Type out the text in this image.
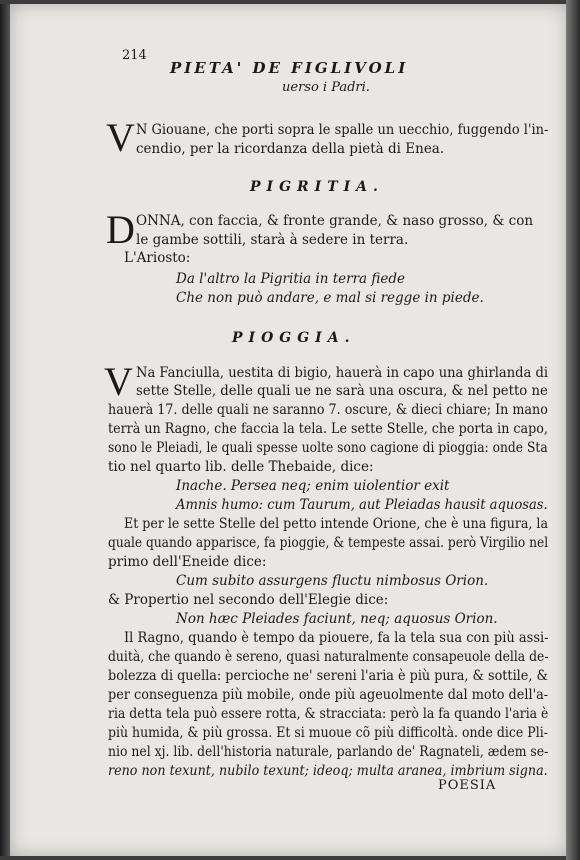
214
PIETA' DE FIGLIVOLI
uerso i Padri.
V N Giouane, che porti sopra le spalle un uecchio, fuggendo l'in-
cendio, per la ricordanza della pietà di Enea.
PIGRITIA.
D ONNA, con faccia, & fronte grande, & naso grosso, & con
le gambe sottili, starà à sedere in terra.
L'Ariosto:
Da l'altro la Pigritia in terra fiede
Che non può andare, e mal si regge in piede.
PIOGGIA.
V Na Fanciulla, uestita di bigio, hauerà in capo una ghirlanda di
sette Stelle, delle quali ue ne sarà una oscura, & nel petto ne
hauerà 17. delle quali ne saranno 7. oscure, & dieci chiare; In mano
terrà un Ragno, che faccia la tela. Le sette Stelle, che porta in capo,
sono le Pleiadi, le quali spesse uolte sono cagione di pioggia: onde Sta
tio nel quarto lib. delle Thebaide, dice:
Inache. Persea neq; enim uiolentior exit
Amnis humo: cum Taurum, aut Pleiadas hausit aquosas.
Et per le sette Stelle del petto intende Orione, che è una figura, la
quale quando apparisce, fa pioggie, & tempeste assai. però Virgilio nel
primo dell'Eneide dice:
Cum subito assurgens fluctu nimbosus Orion.
& Propertio nel secondo dell'Elegie dice:
Non hæc Pleiades faciunt, neq; aquosus Orion.
Il Ragno, quando è tempo da piouere, fa la tela sua con più assi-
duità, che quando è sereno, quasi naturalmente consapeuole della de-
bolezza di quella: percioche ne' sereni l'aria è più pura, & sottile, &
per conseguenza più mobile, onde più ageuolmente dal moto dell'a-
ria detta tela può essere rotta, & stracciata: però la fa quando l'aria è
più humida, & più grossa. Et si muoue cõ più difficoltà. onde dice Pli-
nio nel xj. lib. dell'historia naturale, parlando de' Ragnateli, ædem se-
reno non texunt, nubilo texunt; ideoq; multa aranea, imbrium signa.
POESIA
